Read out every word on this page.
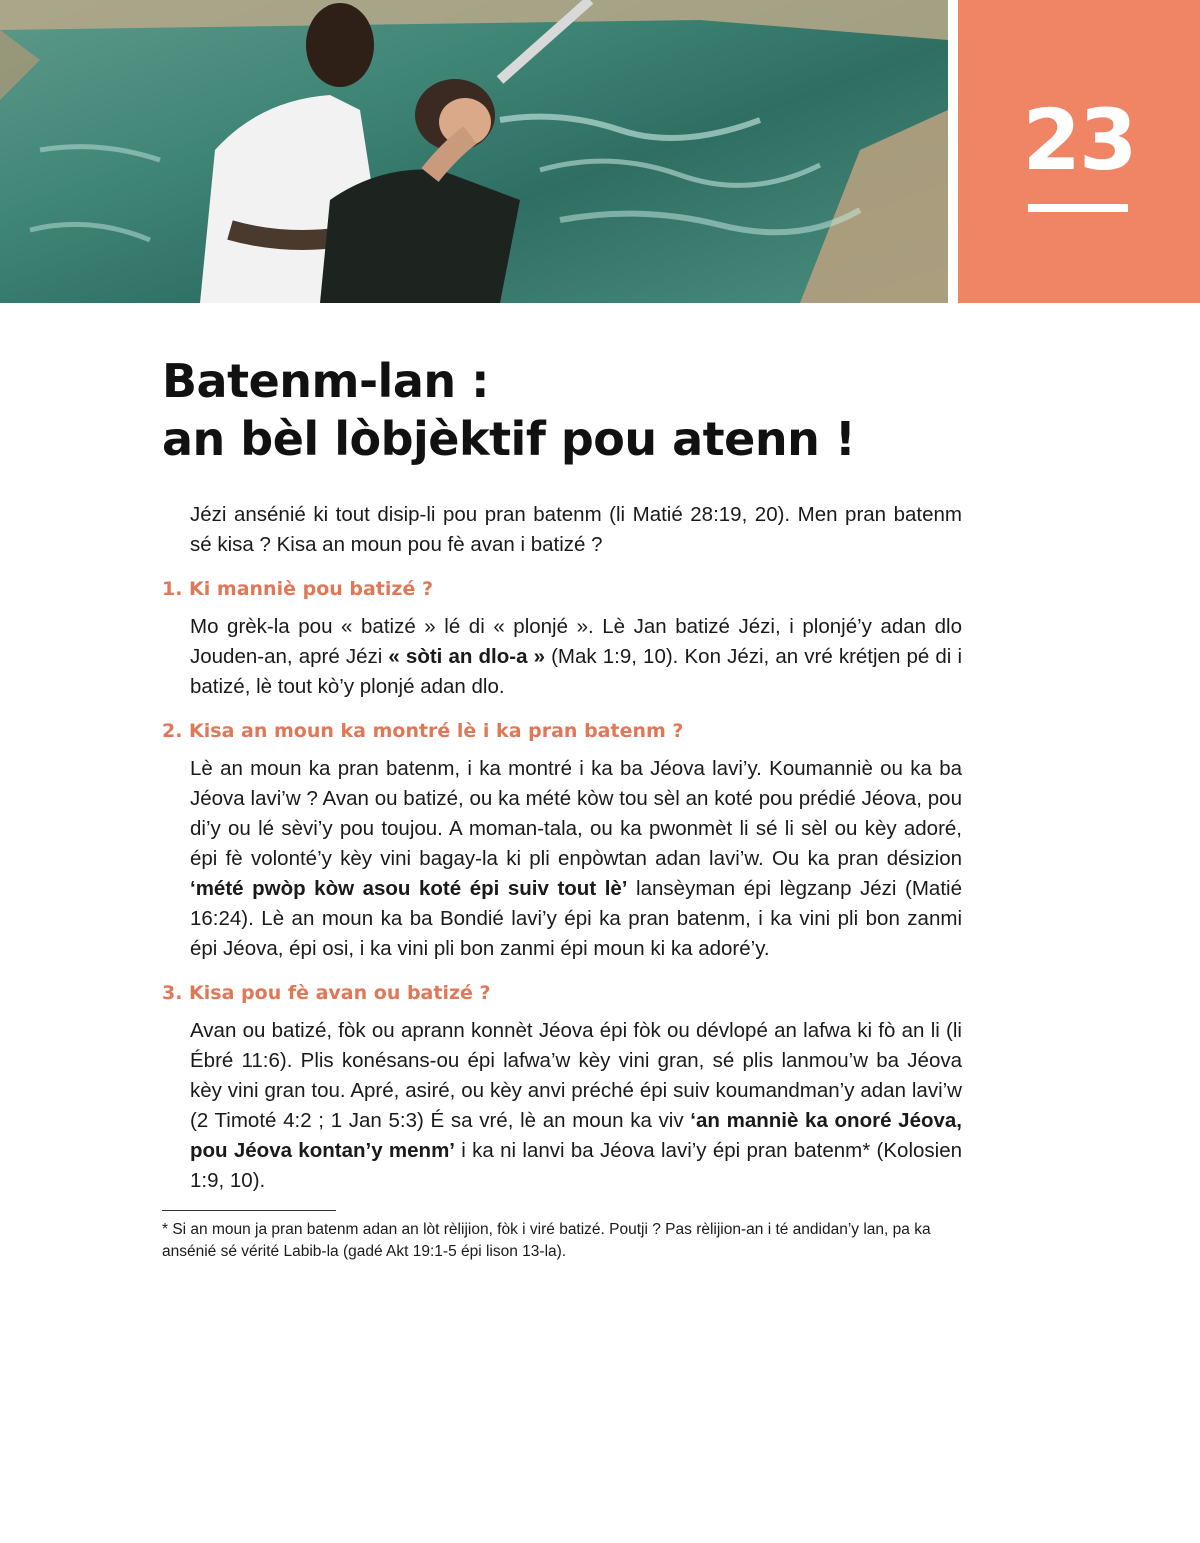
23
Batenm-lan :
an bèl lòbjèktif pou atenn !

Jézi ansénié ki tout disip-li pou pran batenm (li Matié 28:19, 20). Men pran batenm sé kisa ? Kisa an moun pou fè avan i batizé ?

1. Ki manniè pou batizé ?

Mo grèk-la pou « batizé » lé di « plonjé ». Lè Jan batizé Jézi, i plonjé’y adan dlo Jouden-an, apré Jézi « sòti an dlo-a » (Mak 1:9, 10). Kon Jézi, an vré krétjen pé di i batizé, lè tout kò’y plonjé adan dlo.

2. Kisa an moun ka montré lè i ka pran batenm ?

Lè an moun ka pran batenm, i ka montré i ka ba Jéova lavi’y. Koumanniè ou ka ba Jéova lavi’w ? Avan ou batizé, ou ka mété kòw tou sèl an koté pou prédié Jéova, pou di’y ou lé sèvi’y pou toujou. A moman-tala, ou ka pwonmèt li sé li sèl ou kèy adoré, épi fè volonté’y kèy vini bagay-la ki pli enpòwtan adan lavi’w. Ou ka pran désizion ‘mété pwòp kòw asou koté épi suiv tout lè’ lansèyman épi lègzanp Jézi (Matié 16:24). Lè an moun ka ba Bondié lavi’y épi ka pran batenm, i ka vini pli bon zanmi épi Jéova, épi osi, i ka vini pli bon zanmi épi moun ki ka adoré’y.

3. Kisa pou fè avan ou batizé ?

Avan ou batizé, fòk ou aprann konnèt Jéova épi fòk ou dévlopé an lafwa ki fò an li (li Ébré 11:6). Plis konésans-ou épi lafwa’w kèy vini gran, sé plis lanmou’w ba Jéova kèy vini gran tou. Apré, asiré, ou kèy anvi préché épi suiv koumandman’y adan lavi’w (2 Timoté 4:2 ; 1 Jan 5:3) É sa vré, lè an moun ka viv ‘an manniè ka onoré Jéova, pou Jéova kontan’y menm’ i ka ni lanvi ba Jéova lavi’y épi pran batenm* (Kolosien 1:9, 10).

* Si an moun ja pran batenm adan an lòt rèlijion, fòk i viré batizé. Poutji ? Pas rèlijion-an i té andidan’y lan, pa ka ansénié sé vérité Labib-la (gadé Akt 19:1-5 épi lison 13-la).
